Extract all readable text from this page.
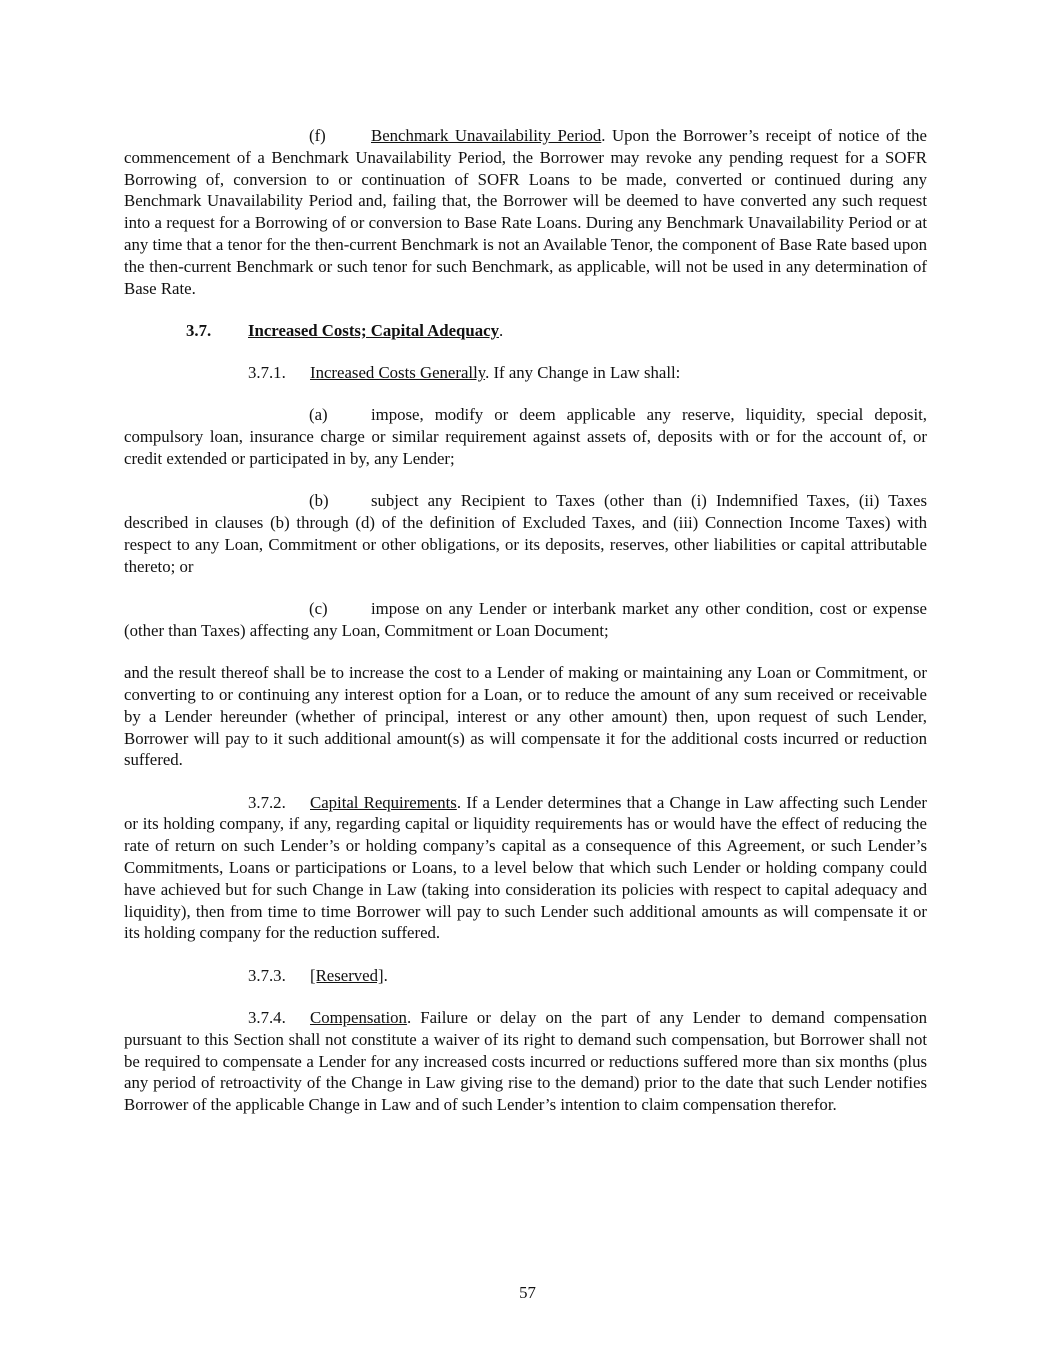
(f)	Benchmark Unavailability Period. Upon the Borrower’s receipt of notice of the commencement of a Benchmark Unavailability Period, the Borrower may revoke any pending request for a SOFR Borrowing of, conversion to or continuation of SOFR Loans to be made, converted or continued during any Benchmark Unavailability Period and, failing that, the Borrower will be deemed to have converted any such request into a request for a Borrowing of or conversion to Base Rate Loans. During any Benchmark Unavailability Period or at any time that a tenor for the then-current Benchmark is not an Available Tenor, the component of Base Rate based upon the then-current Benchmark or such tenor for such Benchmark, as applicable, will not be used in any determination of Base Rate.

3.7. Increased Costs; Capital Adequacy.

3.7.1. Increased Costs Generally. If any Change in Law shall:

(a)	impose, modify or deem applicable any reserve, liquidity, special deposit, compulsory loan, insurance charge or similar requirement against assets of, deposits with or for the account of, or credit extended or participated in by, any Lender;

(b)	subject any Recipient to Taxes (other than (i) Indemnified Taxes, (ii) Taxes described in clauses (b) through (d) of the definition of Excluded Taxes, and (iii) Connection Income Taxes) with respect to any Loan, Commitment or other obligations, or its deposits, reserves, other liabilities or capital attributable thereto; or

(c)	impose on any Lender or interbank market any other condition, cost or expense (other than Taxes) affecting any Loan, Commitment or Loan Document;

and the result thereof shall be to increase the cost to a Lender of making or maintaining any Loan or Commitment, or converting to or continuing any interest option for a Loan, or to reduce the amount of any sum received or receivable by a Lender hereunder (whether of principal, interest or any other amount) then, upon request of such Lender, Borrower will pay to it such additional amount(s) as will compensate it for the additional costs incurred or reduction suffered.

3.7.2. Capital Requirements. If a Lender determines that a Change in Law affecting such Lender or its holding company, if any, regarding capital or liquidity requirements has or would have the effect of reducing the rate of return on such Lender’s or holding company’s capital as a consequence of this Agreement, or such Lender’s Commitments, Loans or participations or Loans, to a level below that which such Lender or holding company could have achieved but for such Change in Law (taking into consideration its policies with respect to capital adequacy and liquidity), then from time to time Borrower will pay to such Lender such additional amounts as will compensate it or its holding company for the reduction suffered.

3.7.3. [Reserved].

3.7.4. Compensation. Failure or delay on the part of any Lender to demand compensation pursuant to this Section shall not constitute a waiver of its right to demand such compensation, but Borrower shall not be required to compensate a Lender for any increased costs incurred or reductions suffered more than six months (plus any period of retroactivity of the Change in Law giving rise to the demand) prior to the date that such Lender notifies Borrower of the applicable Change in Law and of such Lender’s intention to claim compensation therefor.

57
